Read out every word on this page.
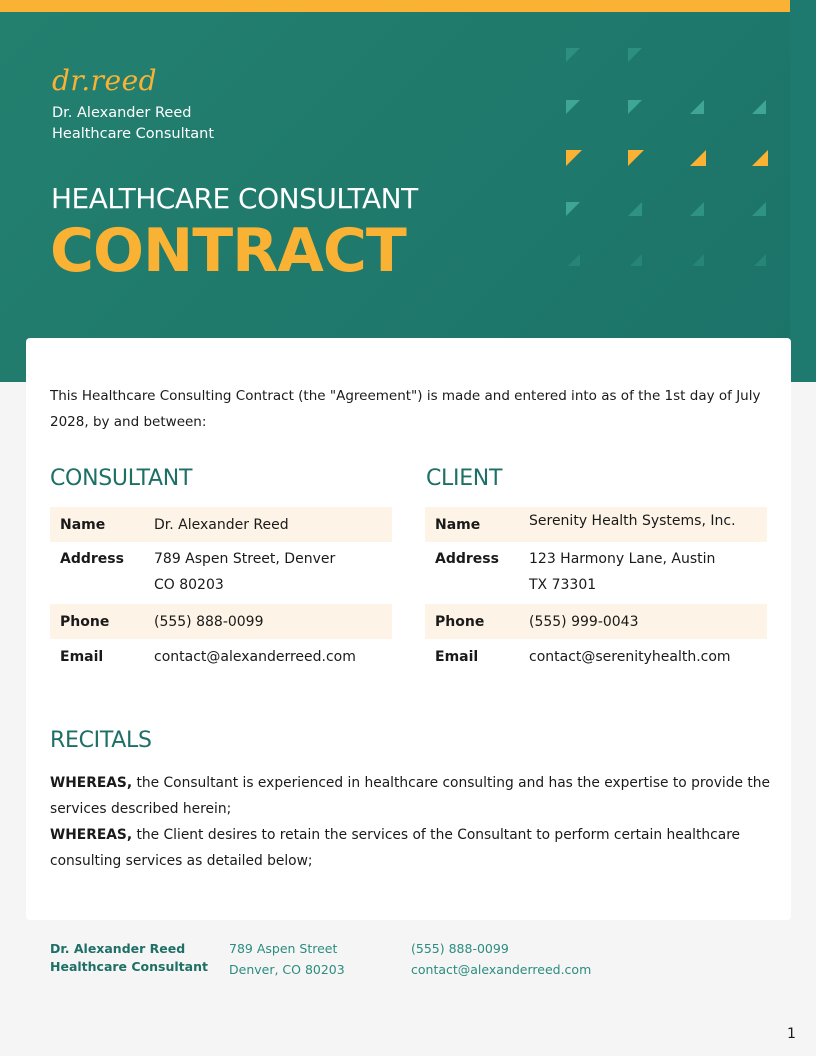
dr.reed
Dr. Alexander Reed
Healthcare Consultant
HEALTHCARE CONSULTANT
CONTRACT
This Healthcare Consulting Contract (the "Agreement") is made and entered into as of the 1st day of July 2028, by and between:
CONSULTANT	CLIENT
Name	Dr. Alexander Reed
Address	789 Aspen Street, Denver
CO 80203
Phone	(555) 888-0099
Email	contact@alexanderreed.com
Name	Serenity Health Systems, Inc.
Address	123 Harmony Lane, Austin
TX 73301
Phone	(555) 999-0043
Email	contact@serenityhealth.com
RECITALS
WHEREAS, the Consultant is experienced in healthcare consulting and has the expertise to provide the services described herein;
WHEREAS, the Client desires to retain the services of the Consultant to perform certain healthcare consulting services as detailed below;
Dr. Alexander Reed
Healthcare Consultant
789 Aspen Street
Denver, CO 80203
(555) 888-0099
contact@alexanderreed.com
1
